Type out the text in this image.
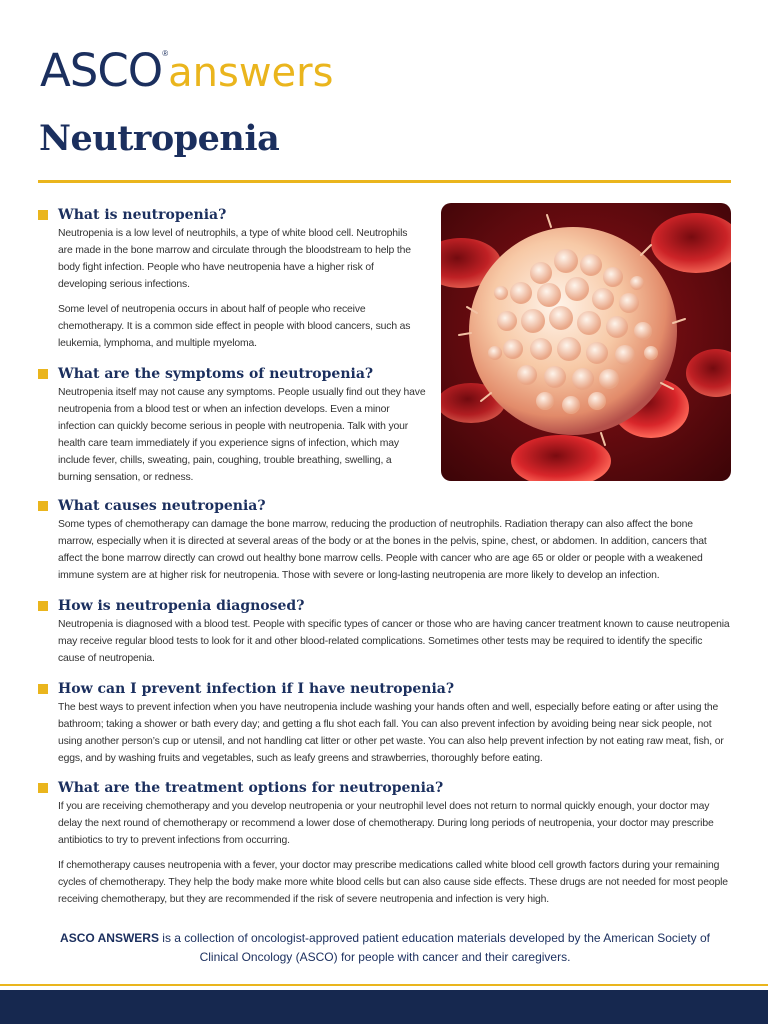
ASCO®answers
Neutropenia
What is neutropenia?

Neutropenia is a low level of neutrophils, a type of white blood cell. Neutrophils are made in the bone marrow and circulate through the bloodstream to help the body fight infection. People who have neutropenia have a higher risk of developing serious infections.

Some level of neutropenia occurs in about half of people who receive chemotherapy. It is a common side effect in people with blood cancers, such as leukemia, lymphoma, and multiple myeloma.

What are the symptoms of neutropenia?

Neutropenia itself may not cause any symptoms. People usually find out they have neutropenia from a blood test or when an infection develops. Even a minor infection can quickly become serious in people with neutropenia. Talk with your health care team immediately if you experience signs of infection, which may include fever, chills, sweating, pain, coughing, trouble breathing, swelling, a burning sensation, or redness.

What causes neutropenia?

Some types of chemotherapy can damage the bone marrow, reducing the production of neutrophils. Radiation therapy can also affect the bone marrow, especially when it is directed at several areas of the body or at the bones in the pelvis, spine, chest, or abdomen. In addition, cancers that affect the bone marrow directly can crowd out healthy bone marrow cells. People with cancer who are age 65 or older or people with a weakened immune system are at higher risk for neutropenia. Those with severe or long-lasting neutropenia are more likely to develop an infection.

How is neutropenia diagnosed?

Neutropenia is diagnosed with a blood test. People with specific types of cancer or those who are having cancer treatment known to cause neutropenia may receive regular blood tests to look for it and other blood-related complications. Sometimes other tests may be required to identify the specific cause of neutropenia.

How can I prevent infection if I have neutropenia?

The best ways to prevent infection when you have neutropenia include washing your hands often and well, especially before eating or after using the bathroom; taking a shower or bath every day; and getting a flu shot each fall. You can also prevent infection by avoiding being near sick people, not using another person’s cup or utensil, and not handling cat litter or other pet waste. You can also help prevent infection by not eating raw meat, fish, or eggs, and by washing fruits and vegetables, such as leafy greens and strawberries, thoroughly before eating.

What are the treatment options for neutropenia?

If you are receiving chemotherapy and you develop neutropenia or your neutrophil level does not return to normal quickly enough, your doctor may delay the next round of chemotherapy or recommend a lower dose of chemotherapy. During long periods of neutropenia, your doctor may prescribe antibiotics to try to prevent infections from occurring.

If chemotherapy causes neutropenia with a fever, your doctor may prescribe medications called white blood cell growth factors during your remaining cycles of chemotherapy. They help the body make more white blood cells but can also cause side effects. These drugs are not needed for most people receiving chemotherapy, but they are recommended if the risk of severe neutropenia and infection is very high.

ASCO ANSWERS is a collection of oncologist-approved patient education materials developed by the American Society of Clinical Oncology (ASCO) for people with cancer and their caregivers.
